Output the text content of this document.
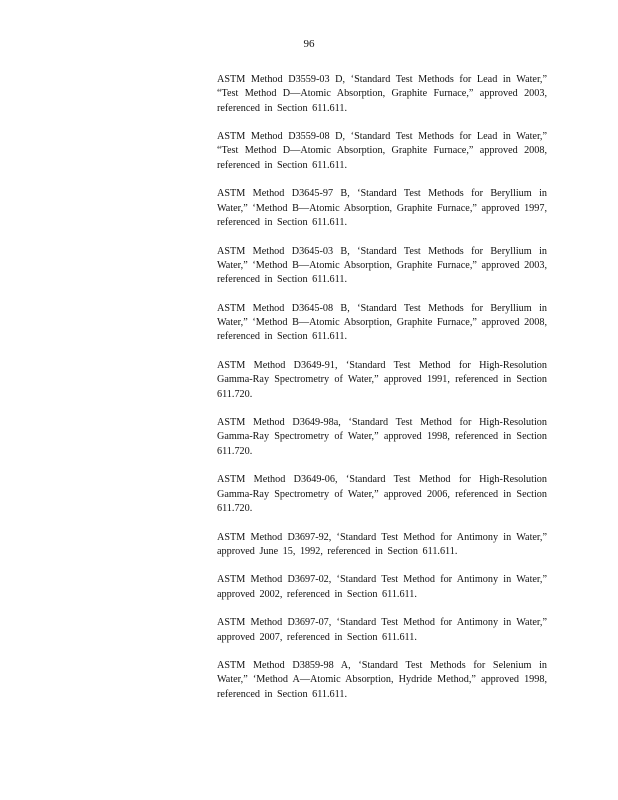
96

ASTM Method D3559-03 D, ‘Standard Test Methods for Lead in Water,” “Test Method D—Atomic Absorption, Graphite Furnace,” approved 2003, referenced in Section 611.611.

ASTM Method D3559-08 D, ‘Standard Test Methods for Lead in Water,” “Test Method D—Atomic Absorption, Graphite Furnace,” approved 2008, referenced in Section 611.611.

ASTM Method D3645-97 B, ‘Standard Test Methods for Beryllium in Water,” ‘Method B—Atomic Absorption, Graphite Furnace,” approved 1997, referenced in Section 611.611.

ASTM Method D3645-03 B, ‘Standard Test Methods for Beryllium in Water,” ‘Method B—Atomic Absorption, Graphite Furnace,” approved 2003, referenced in Section 611.611.

ASTM Method D3645-08 B, ‘Standard Test Methods for Beryllium in Water,” ‘Method B—Atomic Absorption, Graphite Furnace,” approved 2008, referenced in Section 611.611.

ASTM Method D3649-91, ‘Standard Test Method for High-Resolution Gamma-Ray Spectrometry of Water,” approved 1991, referenced in Section 611.720.

ASTM Method D3649-98a, ‘Standard Test Method for High-Resolution Gamma-Ray Spectrometry of Water,” approved 1998, referenced in Section 611.720.

ASTM Method D3649-06, ‘Standard Test Method for High-Resolution Gamma-Ray Spectrometry of Water,” approved 2006, referenced in Section 611.720.

ASTM Method D3697-92, ‘Standard Test Method for Antimony in Water,” approved June 15, 1992, referenced in Section 611.611.

ASTM Method D3697-02, ‘Standard Test Method for Antimony in Water,” approved 2002, referenced in Section 611.611.

ASTM Method D3697-07, ‘Standard Test Method for Antimony in Water,” approved 2007, referenced in Section 611.611.

ASTM Method D3859-98 A, ‘Standard Test Methods for Selenium in Water,” ‘Method A—Atomic Absorption, Hydride Method,” approved 1998, referenced in Section 611.611.
